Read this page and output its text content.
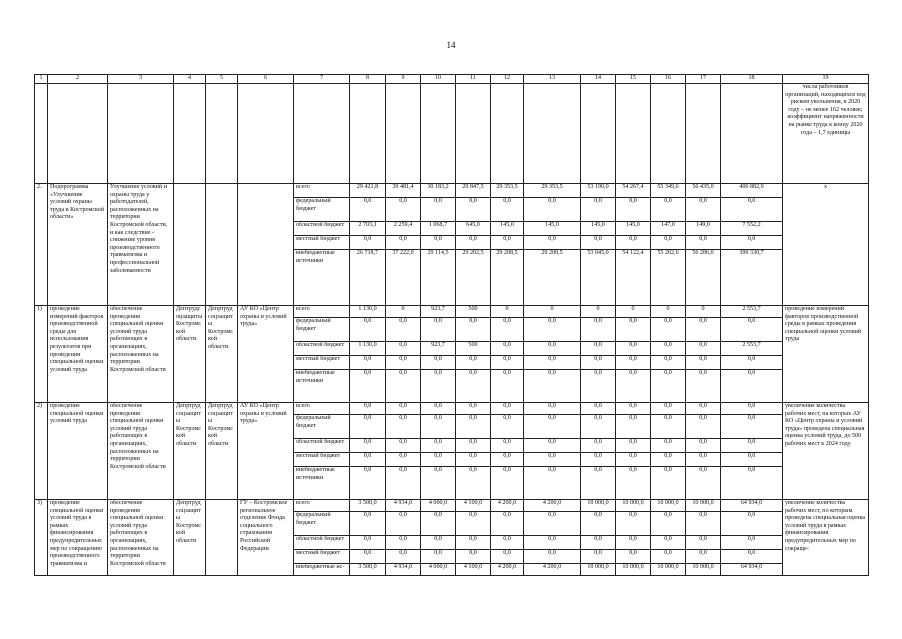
14
1	2	3	4	5	6	7	8	9	10	11	12	13	14	15	16	17	18	19
																		числа работников организаций, находящихся под риском увольнения, в 2020 году – не менее 162 человек; коэффициент напряженности на рынке труда к концу 2020 года – 1,7 единицы
2.	Подпрограмма «Улучшение условий охраны труда в Костромской области»	Улучшение условий и охраны труда у работодателей, расположенных на территории Костромской области, и как следствие - снижение уровня производственного травматизма и профессиональной заболеваемости				всего	29 421,8	39 481,4	30 183,2	29 847,5	29 353,5	29 353,5	53 190,0	54 267,4	55 349,6	56 435,0	406 882,9	x
						федеральный бюджет	0,0	0,0	0,0	0,0	0,0	0,0	0,0	0,0	0,0	0,0	0,0	
						областной бюджет	2 703,1	2 259,4	1 068,7	645,0	145,0	145,0	145,0	145,0	147,0	149,0	7 552,2	
						местный бюджет	0,0	0,0	0,0	0,0	0,0	0,0	0,0	0,0	0,0	0,0	0,0	
						внебюджетные источники	26 718,7	37 222,0	29 114,5	29 202,5	29 208,5	29 208,5	53 045,0	54 122,4	55 202,6	56 286,0	399 330,7	
1)	проведение измерений факторов производственной среды для использования результатов при проведении специальной оценки условий труда	обеспечение проведения специальной оценки условий труда работающих в организациях, расположенных на территории Костромской области	Дептрудсоцзащиты Костромской области	Депртрудсоцзащиты Костромской области	АУ КО «Центр охраны и условий труда»	всего	1 130,0	0	923,7	500	0	0	0	0	0	0	2 553,7	проведение измерений факторов производственной среды в рамках проведения специальной оценки условий труда
						федеральный бюджет	0,0	0,0	0,0	0,0	0,0	0,0	0,0	0,0	0,0	0,0	0,0	
						областной бюджет	1 130,0	0,0	923,7	500	0,0	0,0	0,0	0,0	0,0	0,0	2 553,7	
						местный бюджет	0,0	0,0	0,0	0,0	0,0	0,0	0,0	0,0	0,0	0,0	0,0	
						внебюджетные источники	0,0	0,0	0,0	0,0	0,0	0,0	0,0	0,0	0,0	0,0	0,0	
2)	проведение специальной оценки условий труда	обеспечение проведения специальной оценки условий труда работающих в организациях, расположенных на территории Костромской области	Депртрудсоцзащиты Костромской области	Депртрудсоцзащиты Костромской области	АУ КО «Центр охраны и условий труда»	всего	0,0	0,0	0,0	0,0	0,0	0,0	0,0	0,0	0,0	0,0	0,0	увеличение количества рабочих мест, на которых АУ КО «Центр охраны и условий труда» проведена специальная оценка условий труда, до 500 рабочих мест к 2024 году
						федеральный бюджет	0,0	0,0	0,0	0,0	0,0	0,0	0,0	0,0	0,0	0,0	0,0	
						областной бюджет	0,0	0,0	0,0	0,0	0,0	0,0	0,0	0,0	0,0	0,0	0,0	
						местный бюджет	0,0	0,0	0,0	0,0	0,0	0,0	0,0	0,0	0,0	0,0	0,0	
						внебюджетные источники	0,0	0,0	0,0	0,0	0,0	0,0	0,0	0,0	0,0	0,0	0,0	
3)	проведение специальной оценки условий труда в рамках финансирования предупредительных мер по сокращению производственного травматизма и	обеспечение проведения специальной оценки условий труда работающих в организациях, расположенных на территории Костромской области	Депртрудсоцзащиты Костромской области		ГУ – Костромское региональное отделение Фонда социального страхования Российской Федерации	всего	3 500,0	4 934,0	4 000,0	4 100,0	4 200,0	4 200,0	10 000,0	10 000,0	10 000,0	10 000,0	64 934,0	увеличение количества рабочих мест, по которым проведена специальная оценка условий труда в рамках финансирования предупредительных мер по сокраще-
						федеральный бюджет	0,0	0,0	0,0	0,0	0,0	0,0	0,0	0,0	0,0	0,0	0,0	
						областной бюджет	0,0	0,0	0,0	0,0	0,0	0,0	0,0	0,0	0,0	0,0	0,0	
						местный бюджет	0,0	0,0	0,0	0,0	0,0	0,0	0,0	0,0	0,0	0,0	0,0	
						внебюджетные ис-	3 500,0	4 934,0	4 000,0	4 100,0	4 200,0	4 200,0	10 000,0	10 000,0	10 000,0	10 000,0	64 934,0	
